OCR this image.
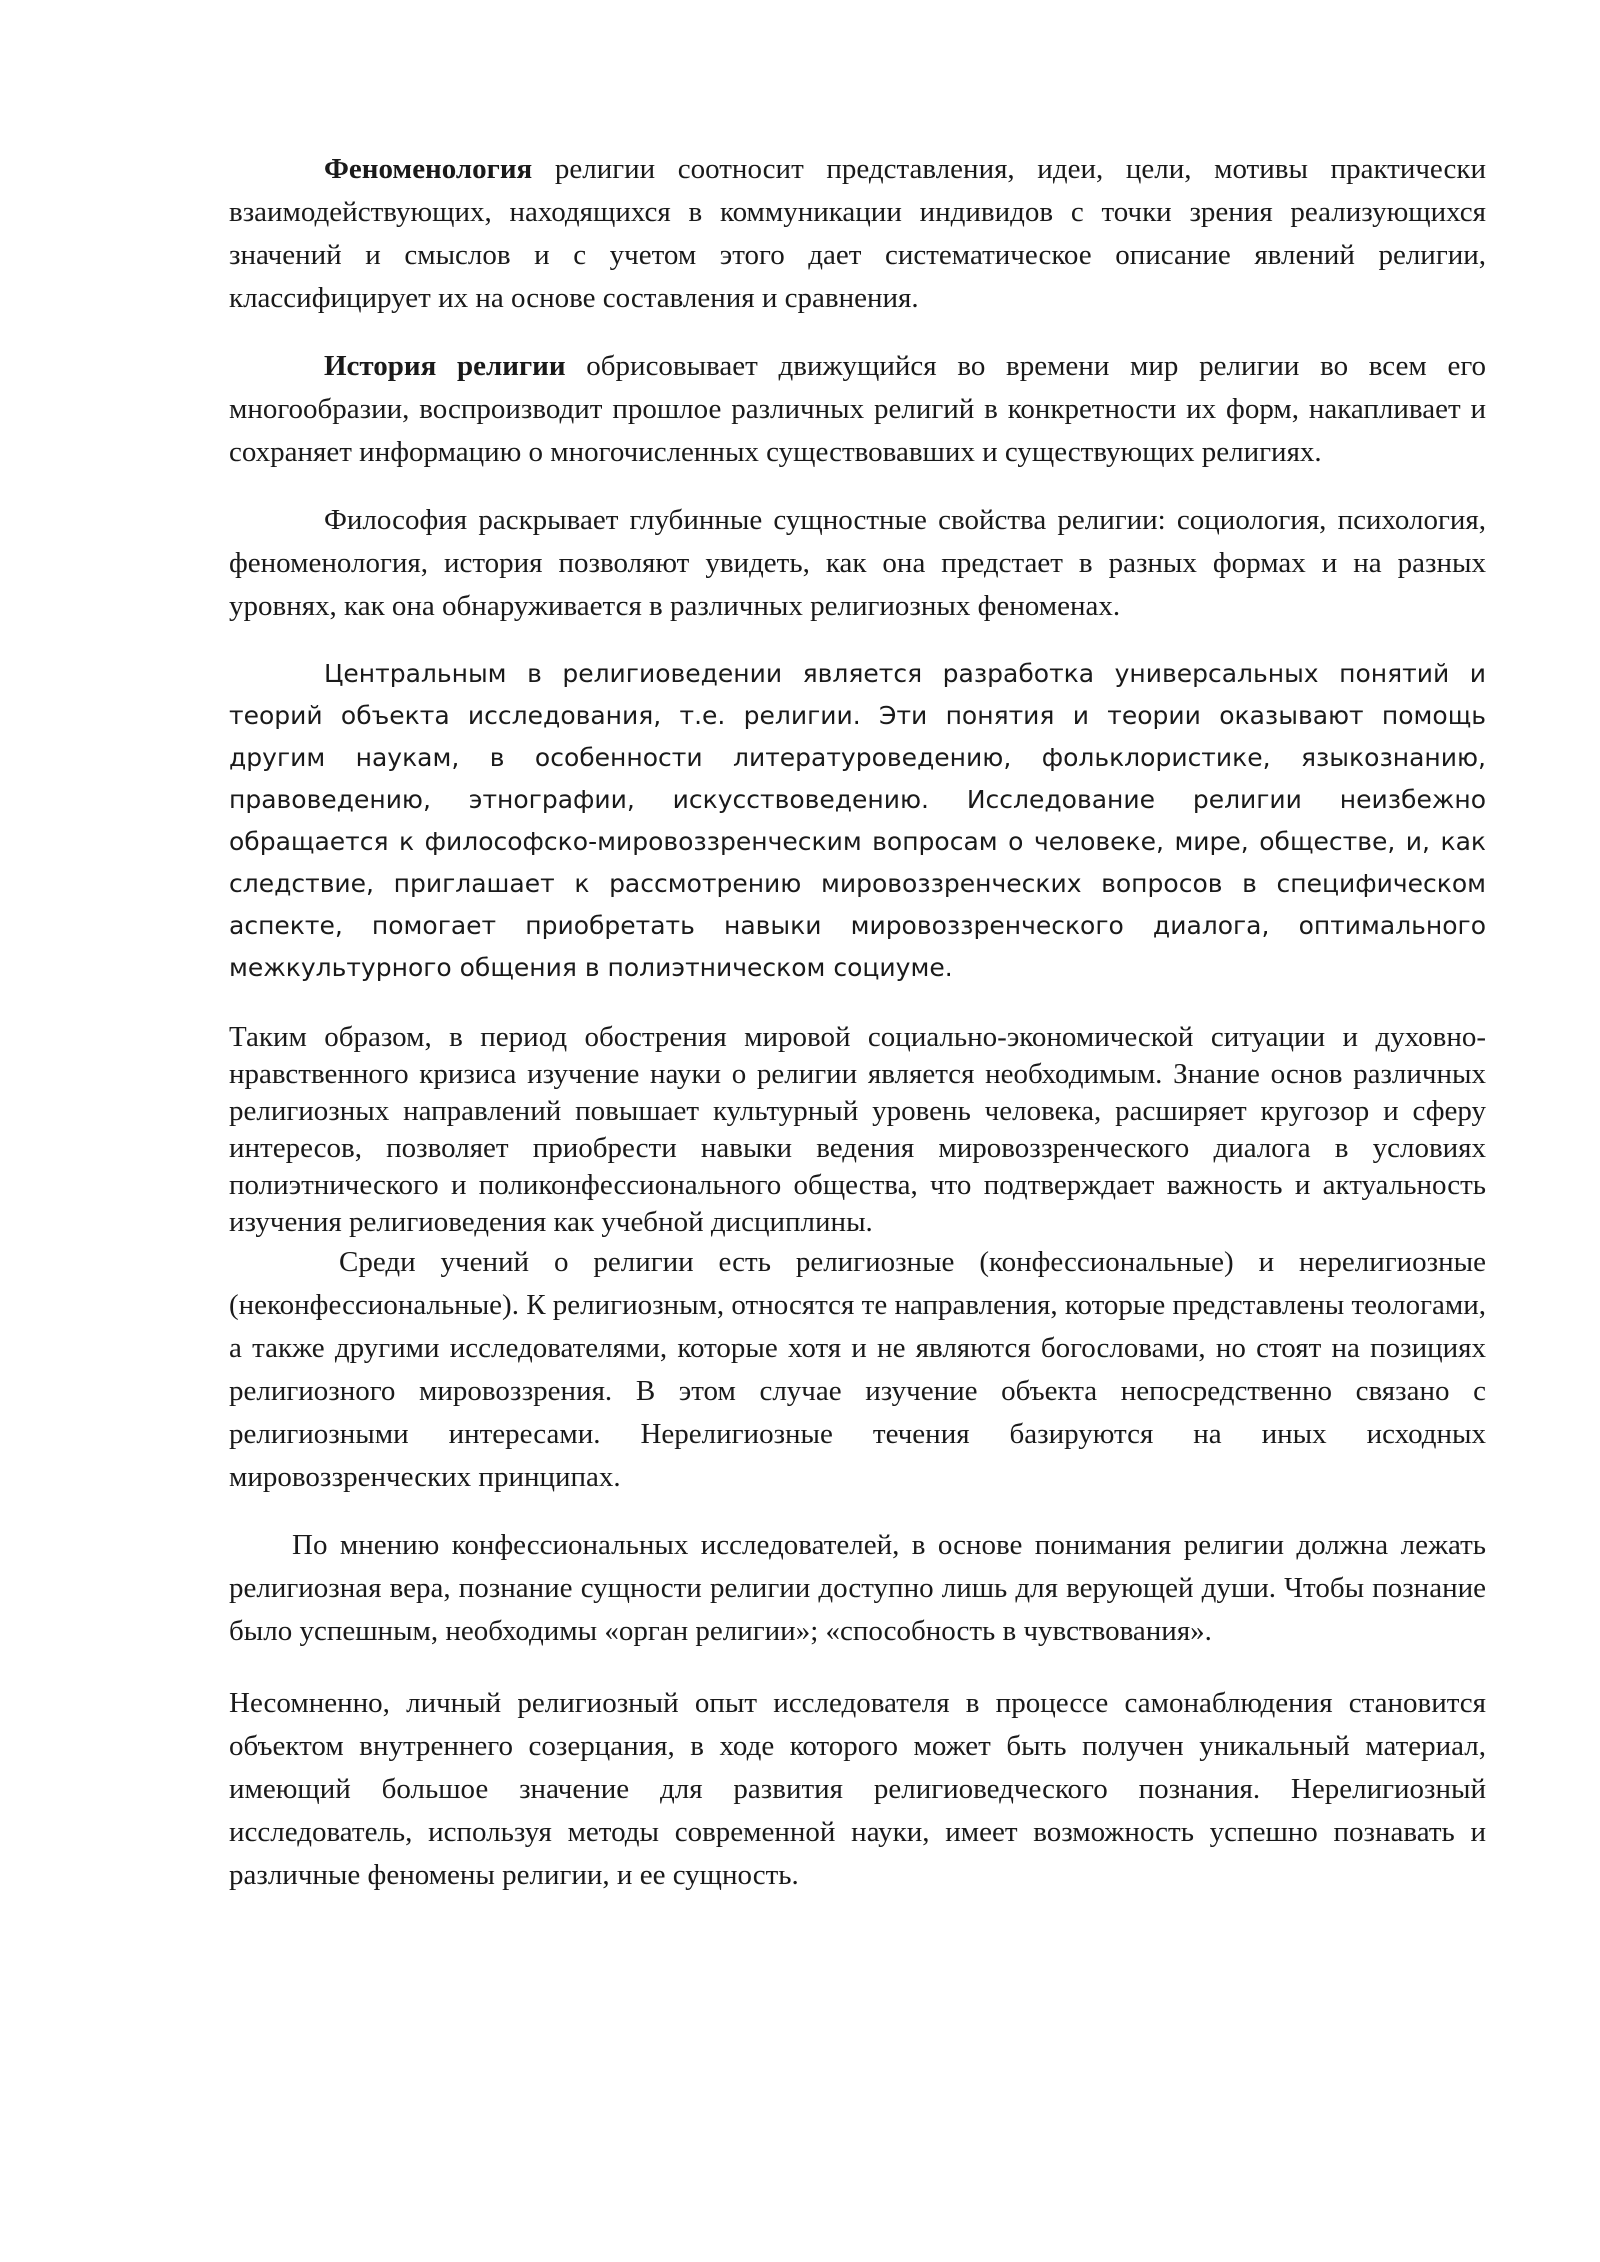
Феноменология религии соотносит представления, идеи, цели, мотивы практически взаимодействующих, находящихся в коммуникации индивидов с точки зрения реализующихся значений и смыслов и с учетом этого дает систематическое описание явлений религии, классифицирует их на основе составления и сравнения.

История религии обрисовывает движущийся во времени мир религии во всем его многообразии, воспроизводит прошлое различных религий в конкретности их форм, накапливает и сохраняет информацию о многочисленных существовавших и существующих религиях.

Философия раскрывает глубинные сущностные свойства религии: социология, психология, феноменология, история позволяют увидеть, как она предстает в разных формах и на разных уровнях, как она обнаруживается в различных религиозных феноменах.

Центральным в религиоведении является разработка универсальных понятий и теорий объекта исследования, т.е. религии. Эти понятия и теории оказывают помощь другим наукам, в особенности литературоведению, фольклористике, языкознанию, правоведению, этнографии, искусствоведению. Исследование религии неизбежно обращается к философско-мировоззренческим вопросам о человеке, мире, обществе, и, как следствие, приглашает к рассмотрению мировоззренческих вопросов в специфическом аспекте, помогает приобретать навыки мировоззренческого диалога, оптимального межкультурного общения в полиэтническом социуме.

Таким образом, в период обострения мировой социально-экономической ситуации и духовно-нравственного кризиса изучение науки о религии является необходимым. Знание основ различных религиозных направлений повышает культурный уровень человека, расширяет кругозор и сферу интересов, позволяет приобрести навыки ведения мировоззренческого диалога в условиях полиэтнического и поликонфессионального общества, что подтверждает важность и актуальность изучения религиоведения как учебной дисциплины.

Среди учений о религии есть религиозные (конфессиональные) и нерелигиозные (неконфессиональные). К религиозным, относятся те направления, которые представлены теологами, а также другими исследователями, которые хотя и не являются богословами, но стоят на позициях религиозного мировоззрения. В этом случае изучение объекта непосредственно связано с религиозными интересами. Нерелигиозные течения базируются на иных исходных мировоззренческих принципах.

По мнению конфессиональных исследователей, в основе понимания религии должна лежать религиозная вера, познание сущности религии доступно лишь для верующей души. Чтобы познание было успешным, необходимы «орган религии»; «способность в чувствования».

Несомненно, личный религиозный опыт исследователя в процессе самонаблюдения становится объектом внутреннего созерцания, в ходе которого может быть получен уникальный материал, имеющий большое значение для развития религиоведческого познания. Нерелигиозный исследователь, используя методы современной науки, имеет возможность успешно познавать и различные феномены религии, и ее сущность.
